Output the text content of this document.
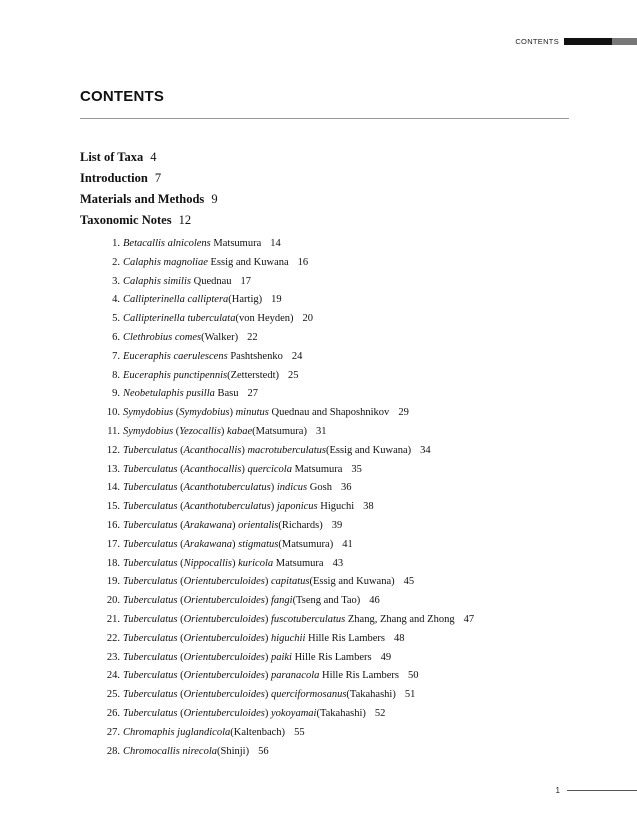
CONTENTS
CONTENTS
List of Taxa 4
Introduction 7
Materials and Methods 9
Taxonomic Notes 12
1. Betacallis alnicolens Matsumura 14
2. Calaphis magnoliae Essig and Kuwana 16
3. Calaphis similis Quednau 17
4. Callipterinella calliptera(Hartig) 19
5. Callipterinella tuberculata(von Heyden) 20
6. Clethrobius comes(Walker) 22
7. Euceraphis caerulescens Pashtshenko 24
8. Euceraphis punctipennis(Zetterstedt) 25
9. Neobetulaphis pusilla Basu 27
10. Symydobius (Symydobius) minutus Quednau and Shaposhnikov 29
11. Symydobius (Yezocallis) kabae(Matsumura) 31
12. Tuberculatus (Acanthocallis) macrotuberculatus(Essig and Kuwana) 34
13. Tuberculatus (Acanthocallis) quercicola Matsumura 35
14. Tuberculatus (Acanthotuberculatus) indicus Gosh 36
15. Tuberculatus (Acanthotuberculatus) japonicus Higuchi 38
16. Tuberculatus (Arakawana) orientalis(Richards) 39
17. Tuberculatus (Arakawana) stigmatus(Matsumura) 41
18. Tuberculatus (Nippocallis) kuricola Matsumura 43
19. Tuberculatus (Orientuberculoides) capitatus(Essig and Kuwana) 45
20. Tuberculatus (Orientuberculoides) fangi(Tseng and Tao) 46
21. Tuberculatus (Orientuberculoides) fuscotuberculatus Zhang, Zhang and Zhong 47
22. Tuberculatus (Orientuberculoides) higuchii Hille Ris Lambers 48
23. Tuberculatus (Orientuberculoides) paiki Hille Ris Lambers 49
24. Tuberculatus (Orientuberculoides) paranacola Hille Ris Lambers 50
25. Tuberculatus (Orientuberculoides) querciformosanus(Takahashi) 51
26. Tuberculatus (Orientuberculoides) yokoyamai(Takahashi) 52
27. Chromaphis juglandicola(Kaltenbach) 55
28. Chromocallis nirecola(Shinji) 56
1
